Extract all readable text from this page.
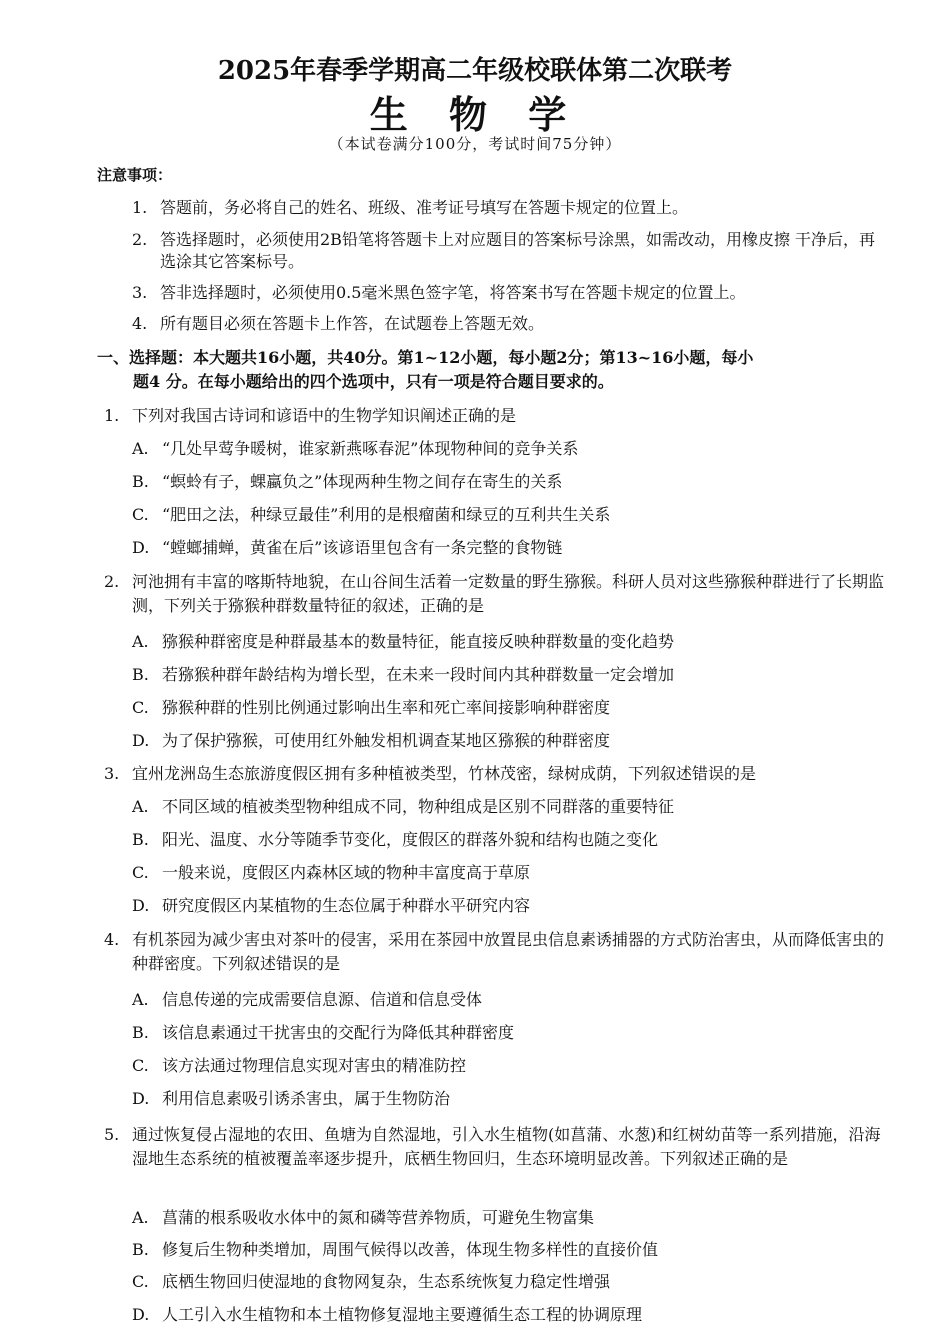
2025年春季学期高二年级校联体第二次联考
生 物 学
（本试卷满分100分，考试时间75分钟）
注意事项：
1. 答题前，务必将自己的姓名、班级、准考证号填写在答题卡规定的位置上。
2. 答选择题时，必须使用2B铅笔将答题卡上对应题目的答案标号涂黑，如需改动，用橡皮擦 干净后，再选涂其它答案标号。
3. 答非选择题时，必须使用0.5毫米黑色签字笔，将答案书写在答题卡规定的位置上。
4. 所有题目必须在答题卡上作答，在试题卷上答题无效。
一、选择题：本大题共16小题，共40分。第1~12小题，每小题2分；第13~16小题，每小
题4 分。在每小题给出的四个选项中，只有一项是符合题目要求的。
1. 下列对我国古诗词和谚语中的生物学知识阐述正确的是
A. “几处早莺争暖树，谁家新燕啄春泥”体现物种间的竞争关系
B. “螟蛉有子，蜾蠃负之”体现两种生物之间存在寄生的关系
C. “肥田之法，种绿豆最佳”利用的是根瘤菌和绿豆的互利共生关系
D. “螳螂捕蝉，黄雀在后”该谚语里包含有一条完整的食物链
2. 河池拥有丰富的喀斯特地貌，在山谷间生活着一定数量的野生猕猴。科研人员对这些猕猴种群进行了长期监测，下列关于猕猴种群数量特征的叙述，正确的是
A. 猕猴种群密度是种群最基本的数量特征，能直接反映种群数量的变化趋势
B. 若猕猴种群年龄结构为增长型，在未来一段时间内其种群数量一定会增加
C. 猕猴种群的性别比例通过影响出生率和死亡率间接影响种群密度
D. 为了保护猕猴，可使用红外触发相机调查某地区猕猴的种群密度
3. 宜州龙洲岛生态旅游度假区拥有多种植被类型，竹林茂密，绿树成荫，下列叙述错误的是
A. 不同区域的植被类型物种组成不同，物种组成是区别不同群落的重要特征
B. 阳光、温度、水分等随季节变化，度假区的群落外貌和结构也随之变化
C. 一般来说，度假区内森林区域的物种丰富度高于草原
D. 研究度假区内某植物的生态位属于种群水平研究内容
4. 有机茶园为减少害虫对茶叶的侵害，采用在茶园中放置昆虫信息素诱捕器的方式防治害虫，从而降低害虫的种群密度。下列叙述错误的是
A. 信息传递的完成需要信息源、信道和信息受体
B. 该信息素通过干扰害虫的交配行为降低其种群密度
C. 该方法通过物理信息实现对害虫的精准防控
D. 利用信息素吸引诱杀害虫，属于生物防治
5. 通过恢复侵占湿地的农田、鱼塘为自然湿地，引入水生植物(如菖蒲、水葱)和红树幼苗等一系列措施，沿海湿地生态系统的植被覆盖率逐步提升，底栖生物回归，生态环境明显改善。下列叙述正确的是
A. 菖蒲的根系吸收水体中的氮和磷等营养物质，可避免生物富集
B. 修复后生物种类增加，周围气候得以改善，体现生物多样性的直接价值
C. 底栖生物回归使湿地的食物网复杂，生态系统恢复力稳定性增强
D. 人工引入水生植物和本土植物修复湿地主要遵循生态工程的协调原理
